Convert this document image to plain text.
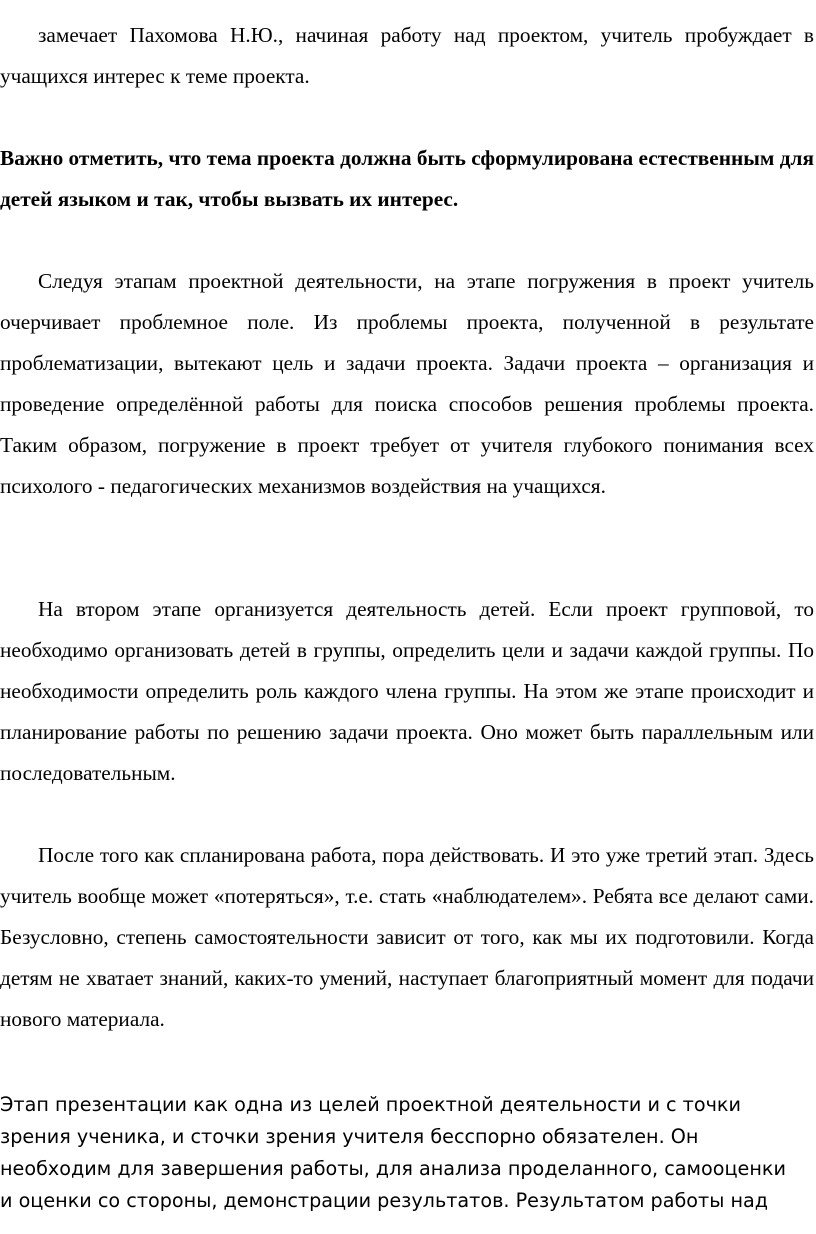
замечает Пахомова Н.Ю., начиная работу над проектом, учитель пробуждает в учащихся интерес к теме проекта.

Важно отметить, что тема проекта должна быть сформулирована естественным для детей языком и так, чтобы вызвать их интерес.

Следуя этапам проектной деятельности, на этапе погружения в проект учитель очерчивает проблемное поле. Из проблемы проекта, полученной в результате проблематизации, вытекают цель и задачи проекта. Задачи проекта – организация и проведение определённой работы для поиска способов решения проблемы проекта. Таким образом, погружение в проект требует от учителя глубокого понимания всех психолого - педагогических механизмов воздействия на учащихся.

На втором этапе организуется деятельность детей. Если проект групповой, то необходимо организовать детей в группы, определить цели и задачи каждой группы. По необходимости определить роль каждого члена группы. На этом же этапе происходит и планирование работы по решению задачи проекта. Оно может быть параллельным или последовательным.

После того как спланирована работа, пора действовать. И это уже третий этап. Здесь учитель вообще может «потеряться», т.е. стать «наблюдателем». Ребята все делают сами. Безусловно, степень самостоятельности зависит от того, как мы их подготовили. Когда детям не хватает знаний, каких-то умений, наступает благоприятный момент для подачи нового материала.

Этап презентации как одна из целей проектной деятельности и с точки зрения ученика, и сточки зрения учителя бесспорно обязателен. Он необходим для завершения работы, для анализа проделанного, самооценки и оценки со стороны, демонстрации результатов. Результатом работы над
